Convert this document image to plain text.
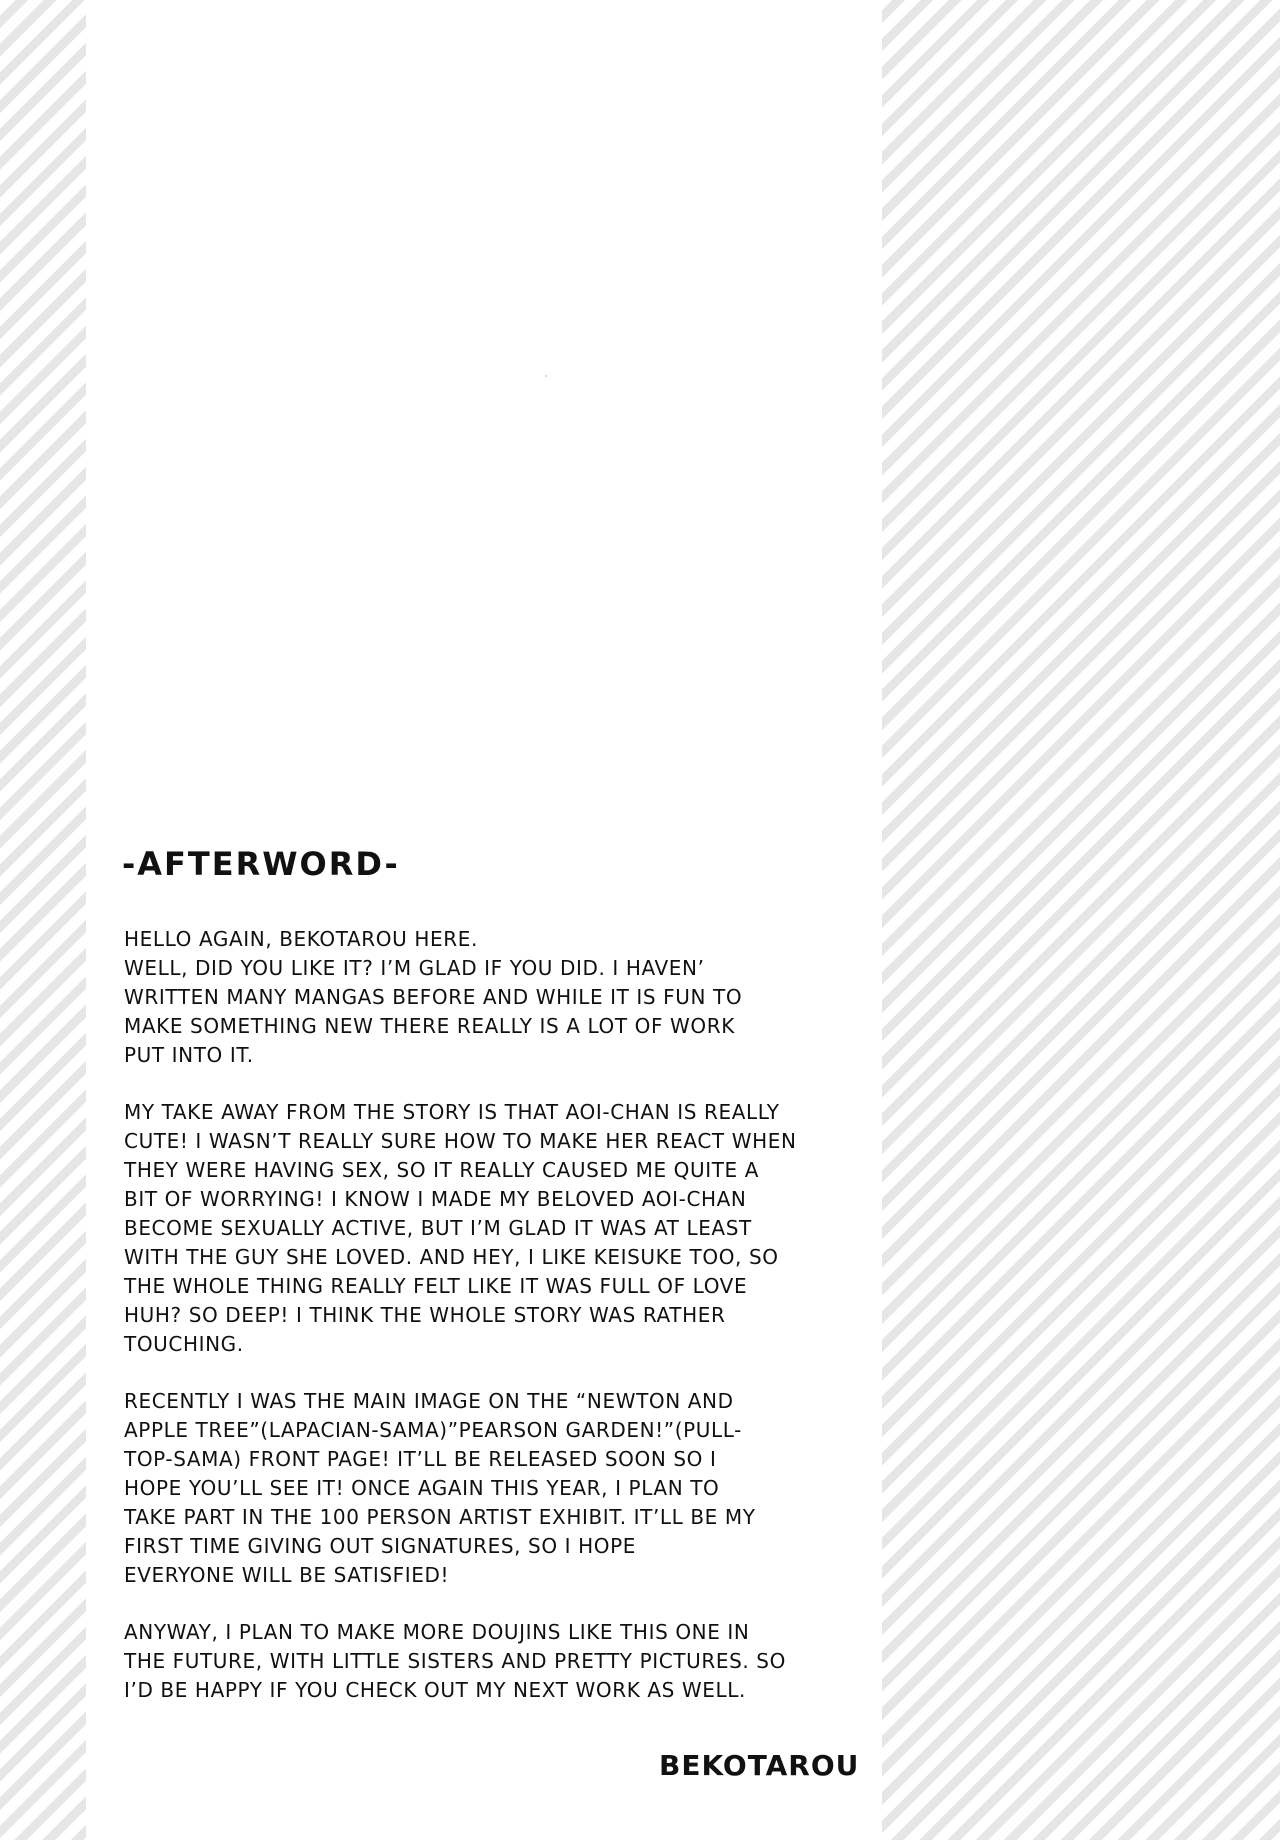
-AFTERWORD-
HELLO AGAIN, BEKOTAROU HERE.
WELL, DID YOU LIKE IT? I’M GLAD IF YOU DID. I HAVEN’
WRITTEN MANY MANGAS BEFORE AND WHILE IT IS FUN TO
MAKE SOMETHING NEW THERE REALLY IS A LOT OF WORK
PUT INTO IT.
MY TAKE AWAY FROM THE STORY IS THAT AOI-CHAN IS REALLY
CUTE! I WASN’T REALLY SURE HOW TO MAKE HER REACT WHEN
THEY WERE HAVING SEX, SO IT REALLY CAUSED ME QUITE A
BIT OF WORRYING! I KNOW I MADE MY BELOVED AOI-CHAN
BECOME SEXUALLY ACTIVE, BUT I’M GLAD IT WAS AT LEAST
WITH THE GUY SHE LOVED. AND HEY, I LIKE KEISUKE TOO, SO
THE WHOLE THING REALLY FELT LIKE IT WAS FULL OF LOVE
HUH? SO DEEP! I THINK THE WHOLE STORY WAS RATHER
TOUCHING.
RECENTLY I WAS THE MAIN IMAGE ON THE “NEWTON AND
APPLE TREE”(LAPACIAN-SAMA)”PEARSON GARDEN!”(PULL-
TOP-SAMA) FRONT PAGE! IT’LL BE RELEASED SOON SO I
HOPE YOU’LL SEE IT! ONCE AGAIN THIS YEAR, I PLAN TO
TAKE PART IN THE 100 PERSON ARTIST EXHIBIT. IT’LL BE MY
FIRST TIME GIVING OUT SIGNATURES, SO I HOPE
EVERYONE WILL BE SATISFIED!
ANYWAY, I PLAN TO MAKE MORE DOUJINS LIKE THIS ONE IN
THE FUTURE, WITH LITTLE SISTERS AND PRETTY PICTURES. SO
I’D BE HAPPY IF YOU CHECK OUT MY NEXT WORK AS WELL.
BEKOTAROU
